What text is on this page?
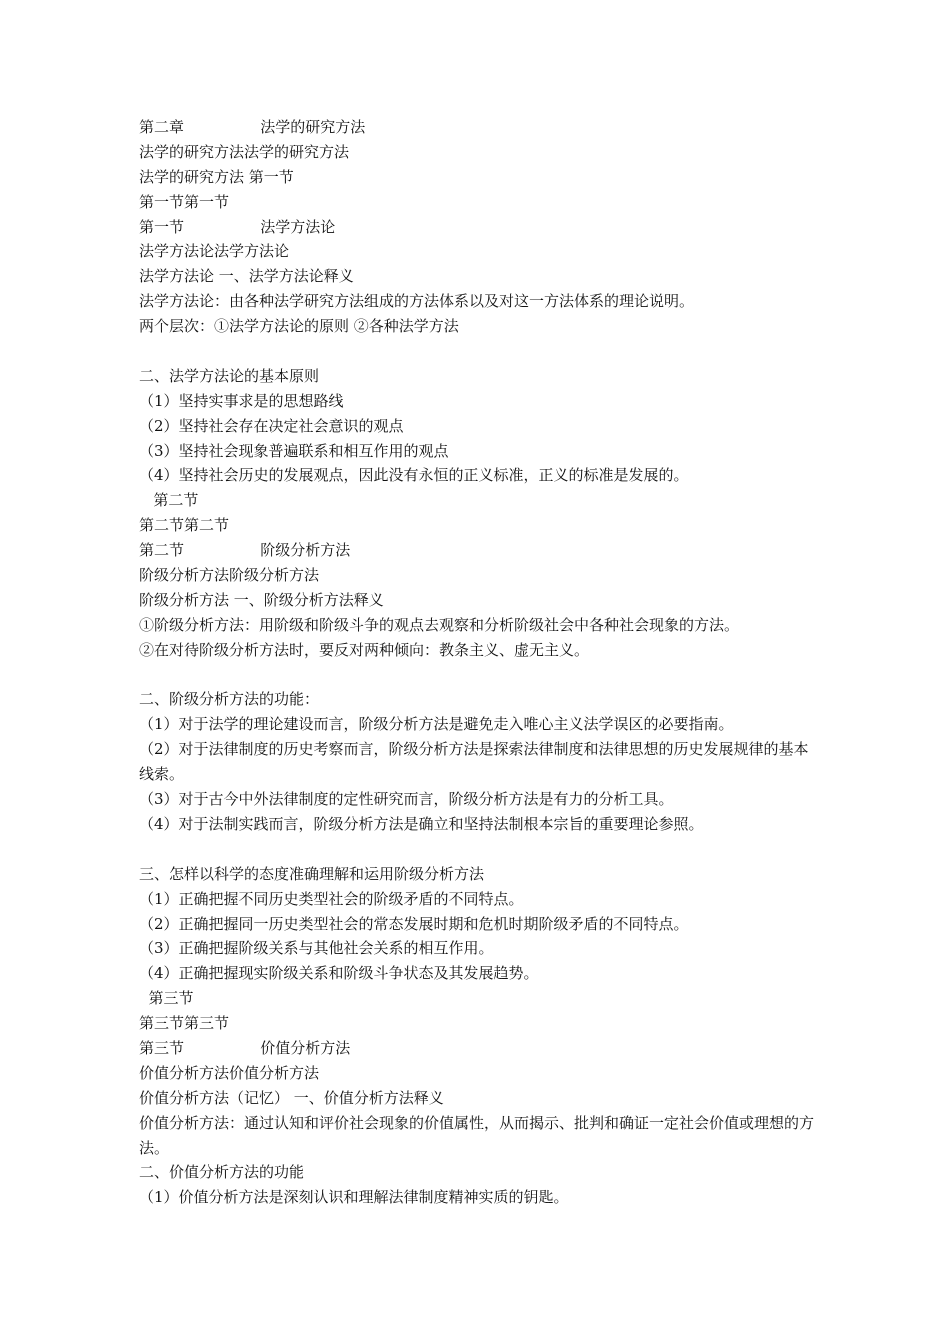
第二章                法学的研究方法
法学的研究方法法学的研究方法
法学的研究方法 第一节
第一节第一节
第一节                法学方法论
法学方法论法学方法论
法学方法论 一、法学方法论释义
法学方法论：由各种法学研究方法组成的方法体系以及对这一方法体系的理论说明。
两个层次：①法学方法论的原则 ②各种法学方法
二、法学方法论的基本原则
（1）坚持实事求是的思想路线
（2）坚持社会存在决定社会意识的观点
（3）坚持社会现象普遍联系和相互作用的观点
（4）坚持社会历史的发展观点，因此没有永恒的正义标准，正义的标准是发展的。
第二节
第二节第二节
第二节                阶级分析方法
阶级分析方法阶级分析方法
阶级分析方法 一、阶级分析方法释义
①阶级分析方法：用阶级和阶级斗争的观点去观察和分析阶级社会中各种社会现象的方法。
②在对待阶级分析方法时，要反对两种倾向：教条主义、虚无主义。
二、阶级分析方法的功能：
（1）对于法学的理论建设而言，阶级分析方法是避免走入唯心主义法学误区的必要指南。
（2）对于法律制度的历史考察而言，阶级分析方法是探索法律制度和法律思想的历史发展规律的基本线索。
（3）对于古今中外法律制度的定性研究而言，阶级分析方法是有力的分析工具。
（4）对于法制实践而言，阶级分析方法是确立和坚持法制根本宗旨的重要理论参照。
三、怎样以科学的态度准确理解和运用阶级分析方法
（1）正确把握不同历史类型社会的阶级矛盾的不同特点。
（2）正确把握同一历史类型社会的常态发展时期和危机时期阶级矛盾的不同特点。
（3）正确把握阶级关系与其他社会关系的相互作用。
（4）正确把握现实阶级关系和阶级斗争状态及其发展趋势。
第三节
第三节第三节
第三节                价值分析方法
价值分析方法价值分析方法
价值分析方法（记忆） 一、价值分析方法释义
价值分析方法：通过认知和评价社会现象的价值属性，从而揭示、批判和确证一定社会价值或理想的方法。
二、价值分析方法的功能
（1）价值分析方法是深刻认识和理解法律制度精神实质的钥匙。
